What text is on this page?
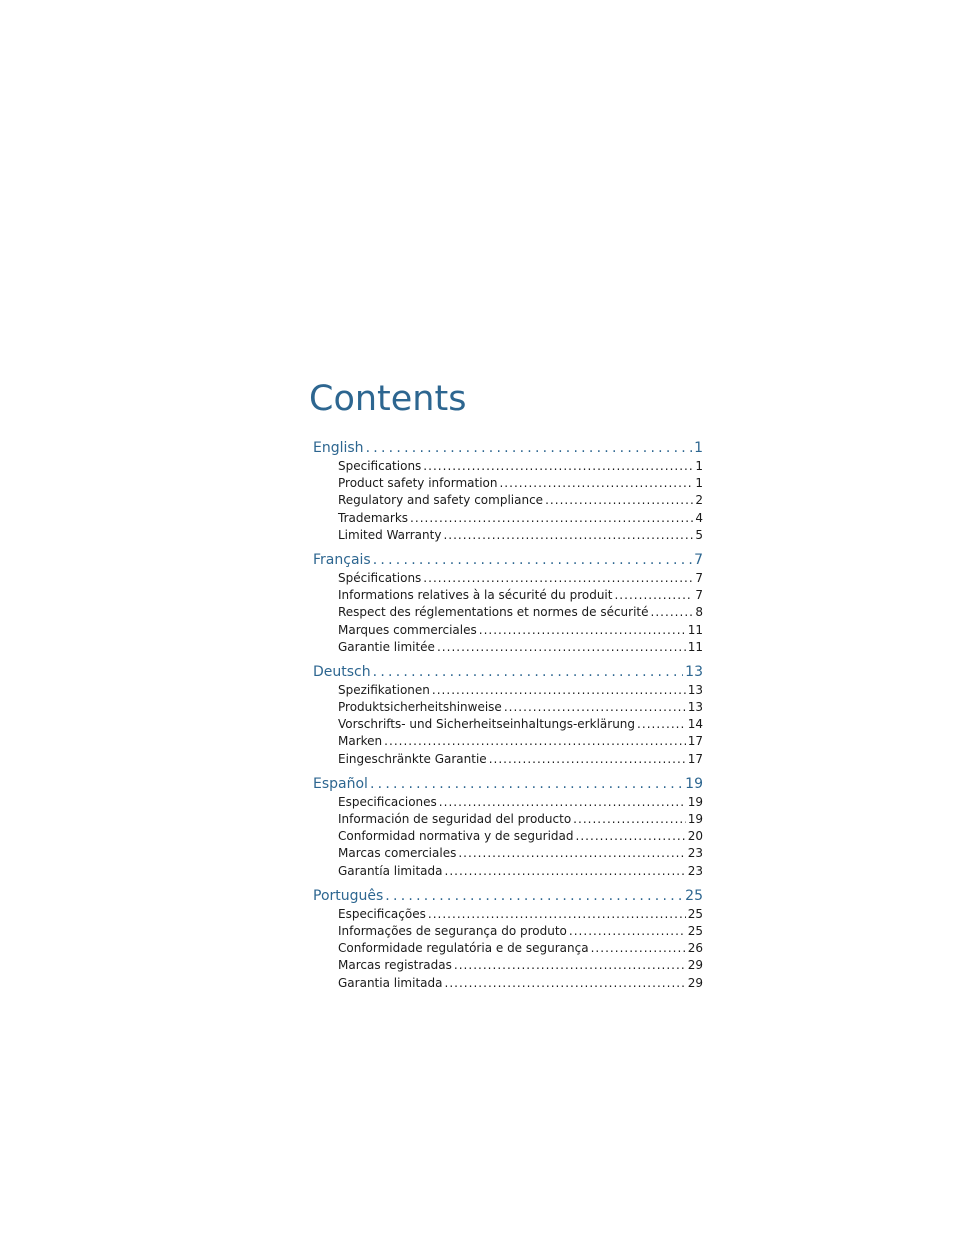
Contents
English . . .	1
Specifications . . .	1
Product safety information . . .	1
Regulatory and safety compliance . . .	2
Trademarks . . .	4
Limited Warranty . . .	5
Français . . .	7
Spécifications . . .	7
Informations relatives à la sécurité du produit . . .	7
Respect des réglementations et normes de sécurité . . .	8
Marques commerciales . . .	11
Garantie limitée . . .	11
Deutsch . . .	13
Spezifikationen . . .	13
Produktsicherheitshinweise . . .	13
Vorschrifts- und Sicherheitseinhaltungs-erklärung . . .	14
Marken . . .	17
Eingeschränkte Garantie . . .	17
Español . . .	19
Especificaciones . . .	19
Información de seguridad del producto . . .	19
Conformidad normativa y de seguridad . . .	20
Marcas comerciales . . .	23
Garantía limitada . . .	23
Português . . .	25
Especificações . . .	25
Informações de segurança do produto . . .	25
Conformidade regulatória e de segurança . . .	26
Marcas registradas . . .	29
Garantia limitada . . .	29
